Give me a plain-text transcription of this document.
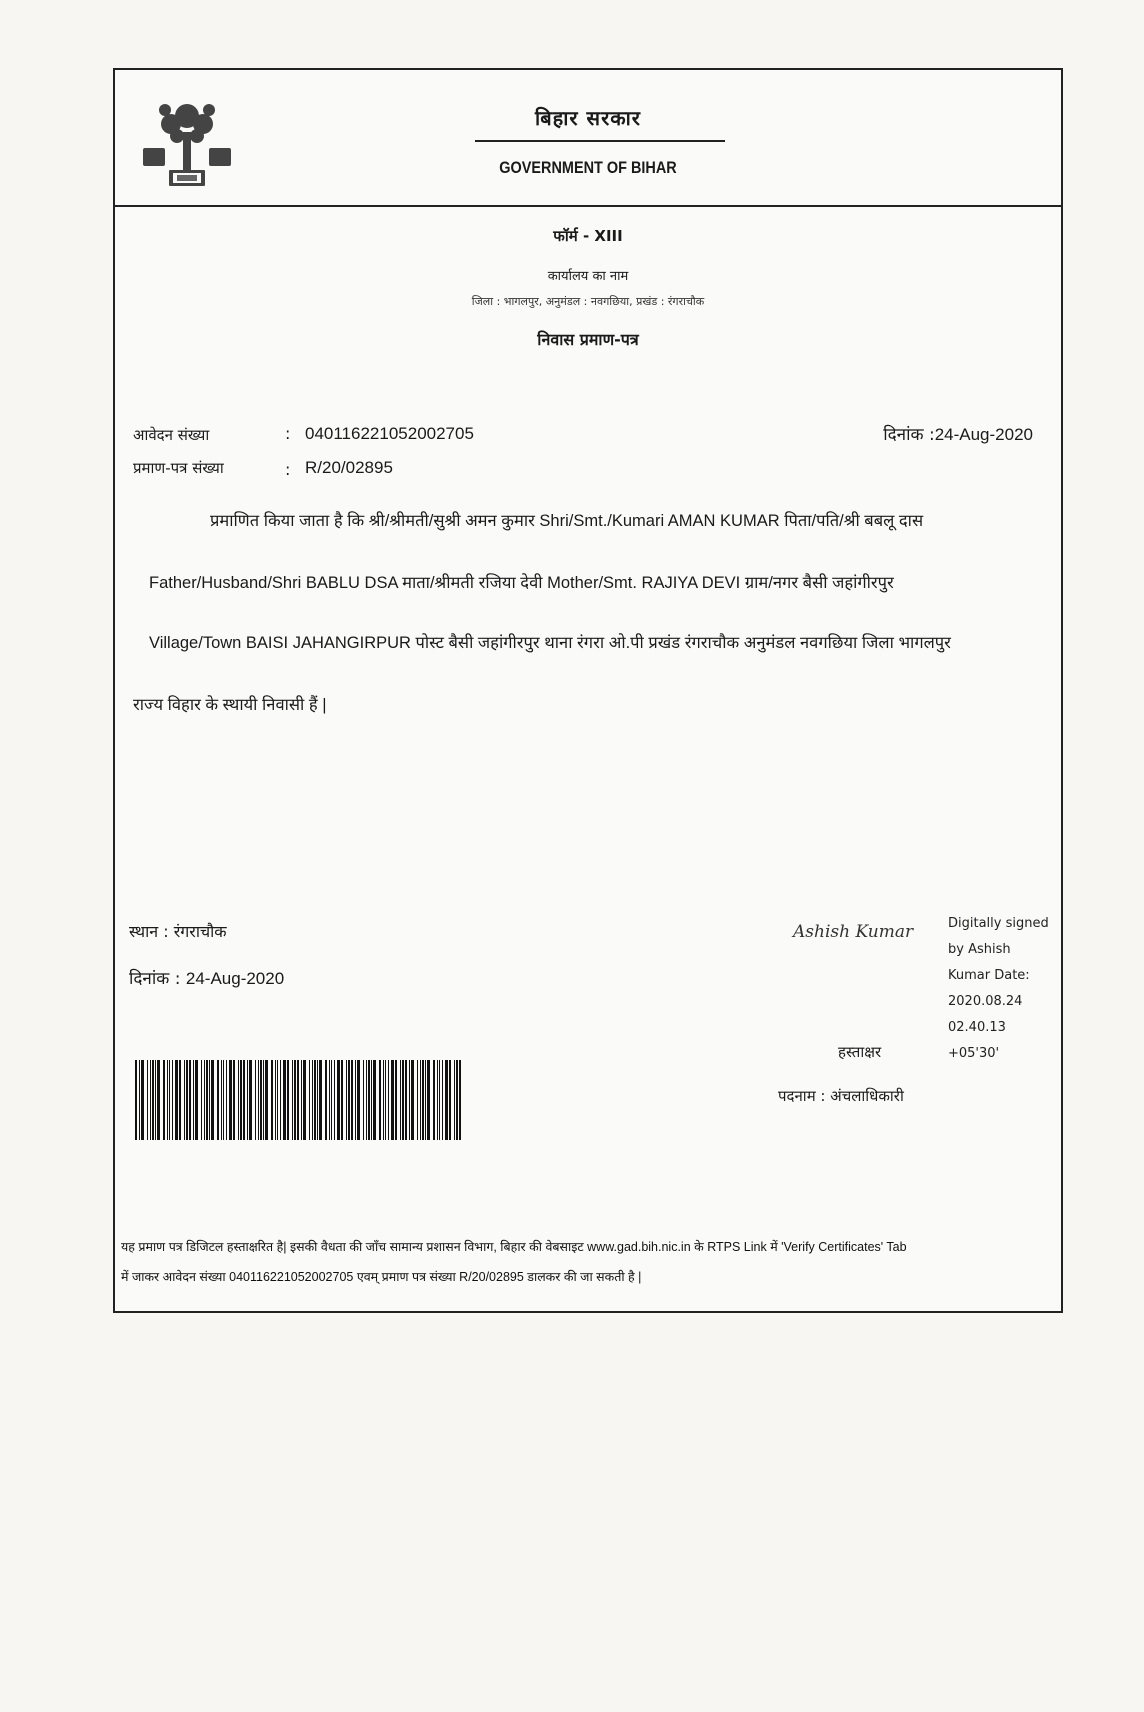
बिहार सरकार
GOVERNMENT OF BIHAR
फॉर्म - XIII
कार्यालय का नाम
जिला : भागलपुर, अनुमंडल : नवगछिया, प्रखंड : रंगराचौक
निवास प्रमाण-पत्र
आवेदन संख्या	: 040116221052002705
प्रमाण-पत्र संख्या	: R/20/02895
दिनांक :24-Aug-2020
प्रमाणित किया जाता है कि श्री/श्रीमती/सुश्री अमन कुमार Shri/Smt./Kumari AMAN KUMAR पिता/पति/श्री बबलू दास
Father/Husband/Shri BABLU DSA माता/श्रीमती रजिया देवी Mother/Smt. RAJIYA DEVI ग्राम/नगर बैसी जहांगीरपुर
Village/Town BAISI JAHANGIRPUR पोस्ट बैसी जहांगीरपुर थाना रंगरा ओ.पी प्रखंड रंगराचौक अनुमंडल नवगछिया जिला भागलपुर
राज्य विहार के स्थायी निवासी हैं |
स्थान : रंगराचौक
दिनांक : 24-Aug-2020
Ashish Kumar	Digitally signed
by Ashish
Kumar Date:
2020.08.24
02.40.13
+05'30'
हस्ताक्षर
पदनाम : अंचलाधिकारी
यह प्रमाण पत्र डिजिटल हस्ताक्षरित है| इसकी वैधता की जाँच सामान्य प्रशासन विभाग, बिहार की वेबसाइट www.gad.bih.nic.in के RTPS Link में 'Verify Certificates' Tab
में जाकर आवेदन संख्या 040116221052002705 एवम् प्रमाण पत्र संख्या R/20/02895 डालकर की जा सकती है |
